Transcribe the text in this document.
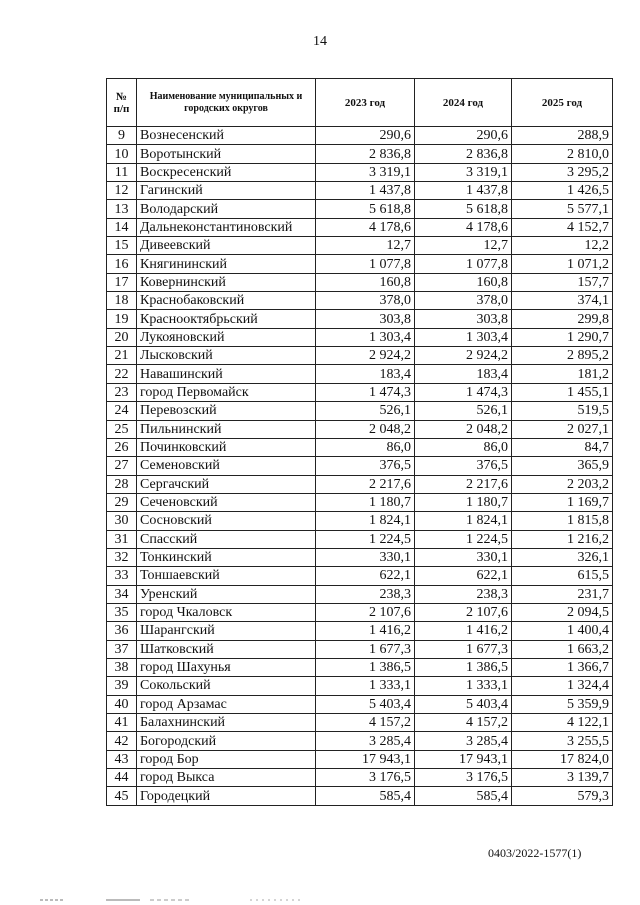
14
№ п/п	Наименование муниципальных и городских округов	2023 год	2024 год	2025 год
9	Вознесенский	290,6	290,6	288,9
10	Воротынский	2 836,8	2 836,8	2 810,0
11	Воскресенский	3 319,1	3 319,1	3 295,2
12	Гагинский	1 437,8	1 437,8	1 426,5
13	Володарский	5 618,8	5 618,8	5 577,1
14	Дальнеконстантиновский	4 178,6	4 178,6	4 152,7
15	Дивеевский	12,7	12,7	12,2
16	Княгининский	1 077,8	1 077,8	1 071,2
17	Ковернинский	160,8	160,8	157,7
18	Краснобаковский	378,0	378,0	374,1
19	Краснооктябрьский	303,8	303,8	299,8
20	Лукояновский	1 303,4	1 303,4	1 290,7
21	Лысковский	2 924,2	2 924,2	2 895,2
22	Навашинский	183,4	183,4	181,2
23	город Первомайск	1 474,3	1 474,3	1 455,1
24	Перевозский	526,1	526,1	519,5
25	Пильнинский	2 048,2	2 048,2	2 027,1
26	Починковский	86,0	86,0	84,7
27	Семеновский	376,5	376,5	365,9
28	Сергачский	2 217,6	2 217,6	2 203,2
29	Сеченовский	1 180,7	1 180,7	1 169,7
30	Сосновский	1 824,1	1 824,1	1 815,8
31	Спасский	1 224,5	1 224,5	1 216,2
32	Тонкинский	330,1	330,1	326,1
33	Тоншаевский	622,1	622,1	615,5
34	Уренский	238,3	238,3	231,7
35	город Чкаловск	2 107,6	2 107,6	2 094,5
36	Шарангский	1 416,2	1 416,2	1 400,4
37	Шатковский	1 677,3	1 677,3	1 663,2
38	город Шахунья	1 386,5	1 386,5	1 366,7
39	Сокольский	1 333,1	1 333,1	1 324,4
40	город Арзамас	5 403,4	5 403,4	5 359,9
41	Балахнинский	4 157,2	4 157,2	4 122,1
42	Богородский	3 285,4	3 285,4	3 255,5
43	город Бор	17 943,1	17 943,1	17 824,0
44	город Выкса	3 176,5	3 176,5	3 139,7
45	Городецкий	585,4	585,4	579,3
0403/2022-1577(1)
